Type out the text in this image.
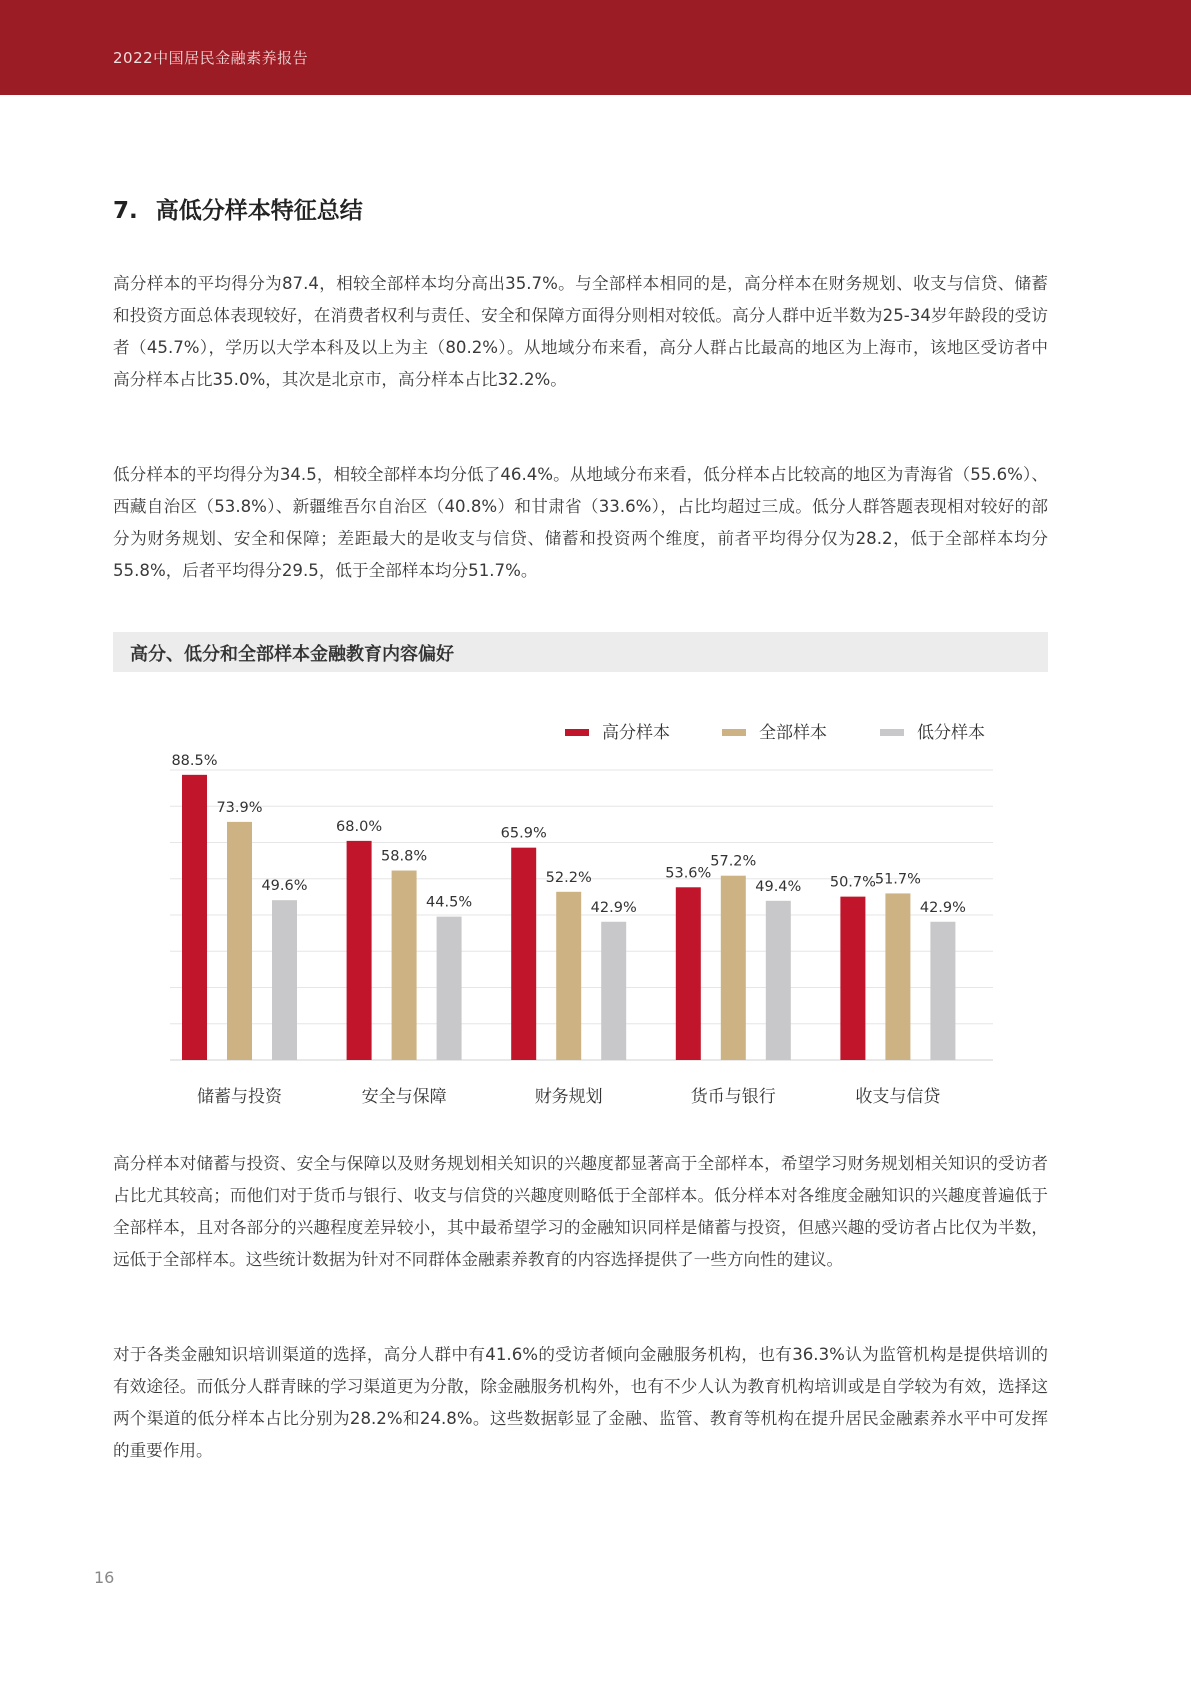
2022中国居民金融素养报告
7. 高低分样本特征总结

高分样本的平均得分为87.4，相较全部样本均分高出35.7%。与全部样本相同的是，高分样本在财务规划、收支与信贷、储蓄和投资方面总体表现较好，在消费者权利与责任、安全和保障方面得分则相对较低。高分人群中近半数为25-34岁年龄段的受访者（45.7%），学历以大学本科及以上为主（80.2%）。从地域分布来看，高分人群占比最高的地区为上海市，该地区受访者中高分样本占比35.0%，其次是北京市，高分样本占比32.2%。

低分样本的平均得分为34.5，相较全部样本均分低了46.4%。从地域分布来看，低分样本占比较高的地区为青海省（55.6%）、西藏自治区（53.8%）、新疆维吾尔自治区（40.8%）和甘肃省（33.6%），占比均超过三成。低分人群答题表现相对较好的部分为财务规划、安全和保障；差距最大的是收支与信贷、储蓄和投资两个维度，前者平均得分仅为28.2，低于全部样本均分55.8%，后者平均得分29.5，低于全部样本均分51.7%。

高分、低分和全部样本金融教育内容偏好
高分样本	全部样本	低分样本
88.5%
73.9%
49.6%
储蓄与投资
68.0%
58.8%
44.5%
安全与保障
65.9%
52.2%
42.9%
财务规划
53.6%
57.2%
49.4%
货币与银行
50.7%
51.7%
42.9%
收支与信贷

高分样本对储蓄与投资、安全与保障以及财务规划相关知识的兴趣度都显著高于全部样本，希望学习财务规划相关知识的受访者占比尤其较高；而他们对于货币与银行、收支与信贷的兴趣度则略低于全部样本。低分样本对各维度金融知识的兴趣度普遍低于全部样本，且对各部分的兴趣程度差异较小，其中最希望学习的金融知识同样是储蓄与投资，但感兴趣的受访者占比仅为半数，远低于全部样本。这些统计数据为针对不同群体金融素养教育的内容选择提供了一些方向性的建议。

对于各类金融知识培训渠道的选择，高分人群中有41.6%的受访者倾向金融服务机构，也有36.3%认为监管机构是提供培训的有效途径。而低分人群青睐的学习渠道更为分散，除金融服务机构外，也有不少人认为教育机构培训或是自学较为有效，选择这两个渠道的低分样本占比分别为28.2%和24.8%。这些数据彰显了金融、监管、教育等机构在提升居民金融素养水平中可发挥的重要作用。

16
